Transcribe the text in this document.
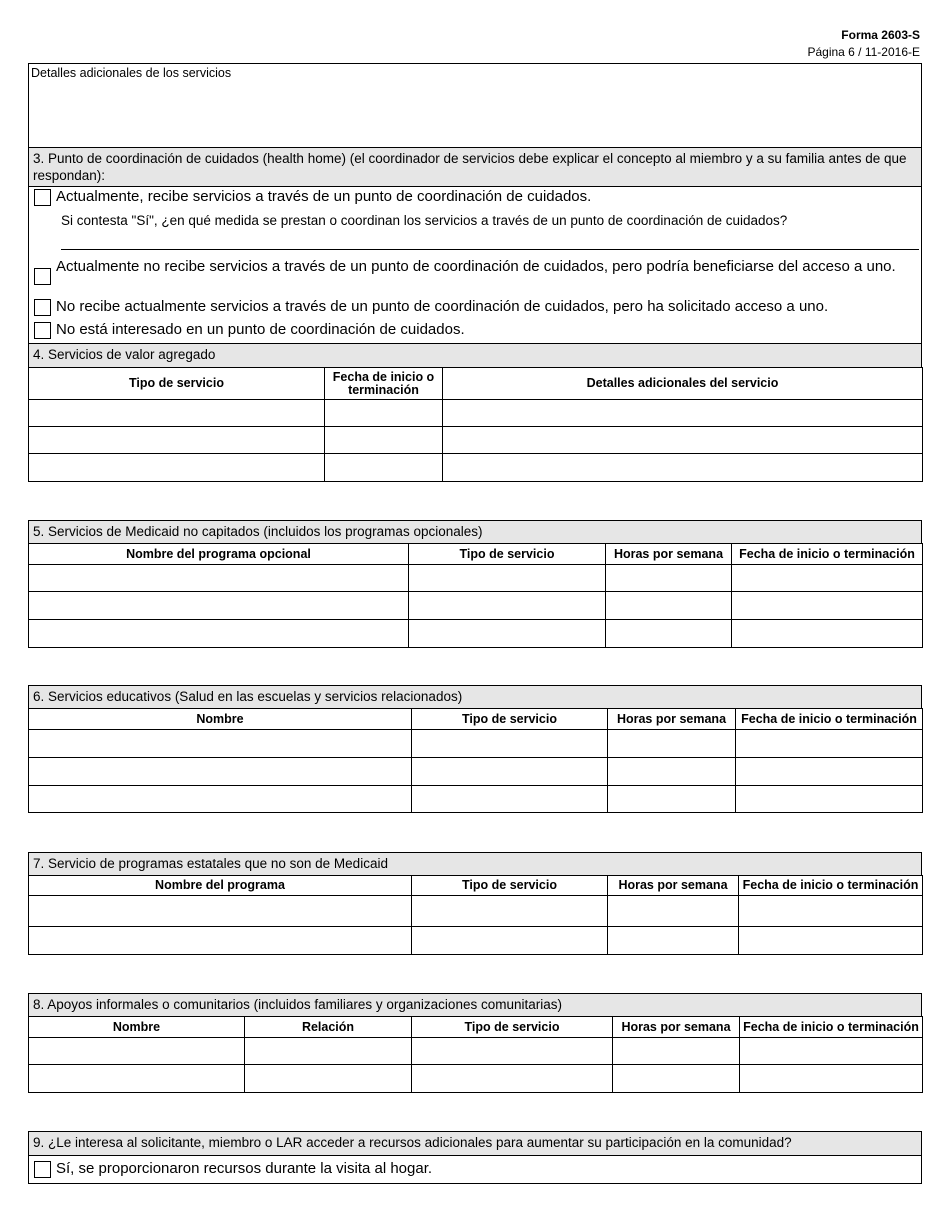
Forma 2603-S
Página 6 / 11-2016-E
Detalles adicionales de los servicios
3. Punto de coordinación de cuidados (health home) (el coordinador de servicios debe explicar el concepto al miembro y a su familia antes de que respondan):
Actualmente, recibe servicios a través de un punto de coordinación de cuidados.
Si contesta "Sí", ¿en qué medida se prestan o coordinan los servicios a través de un punto de coordinación de cuidados?
Actualmente no recibe servicios a través de un punto de coordinación de cuidados, pero podría beneficiarse del acceso a uno.
No recibe actualmente servicios a través de un punto de coordinación de cuidados, pero ha solicitado acceso a uno.
No está interesado en un punto de coordinación de cuidados.
4. Servicios de valor agregado
Tipo de servicio	Fecha de inicio o terminación	Detalles adicionales del servicio

5. Servicios de Medicaid no capitados (incluidos los programas opcionales)
Nombre del programa opcional	Tipo de servicio	Horas por semana	Fecha de inicio o terminación

6. Servicios educativos (Salud en las escuelas y servicios relacionados)
Nombre	Tipo de servicio	Horas por semana	Fecha de inicio o terminación

7. Servicio de programas estatales que no son de Medicaid
Nombre del programa	Tipo de servicio	Horas por semana	Fecha de inicio o terminación

8. Apoyos informales o comunitarios (incluidos familiares y organizaciones comunitarias)
Nombre	Relación	Tipo de servicio	Horas por semana	Fecha de inicio o terminación

9. ¿Le interesa al solicitante, miembro o LAR acceder a recursos adicionales para aumentar su participación en la comunidad?
Sí, se proporcionaron recursos durante la visita al hogar.
